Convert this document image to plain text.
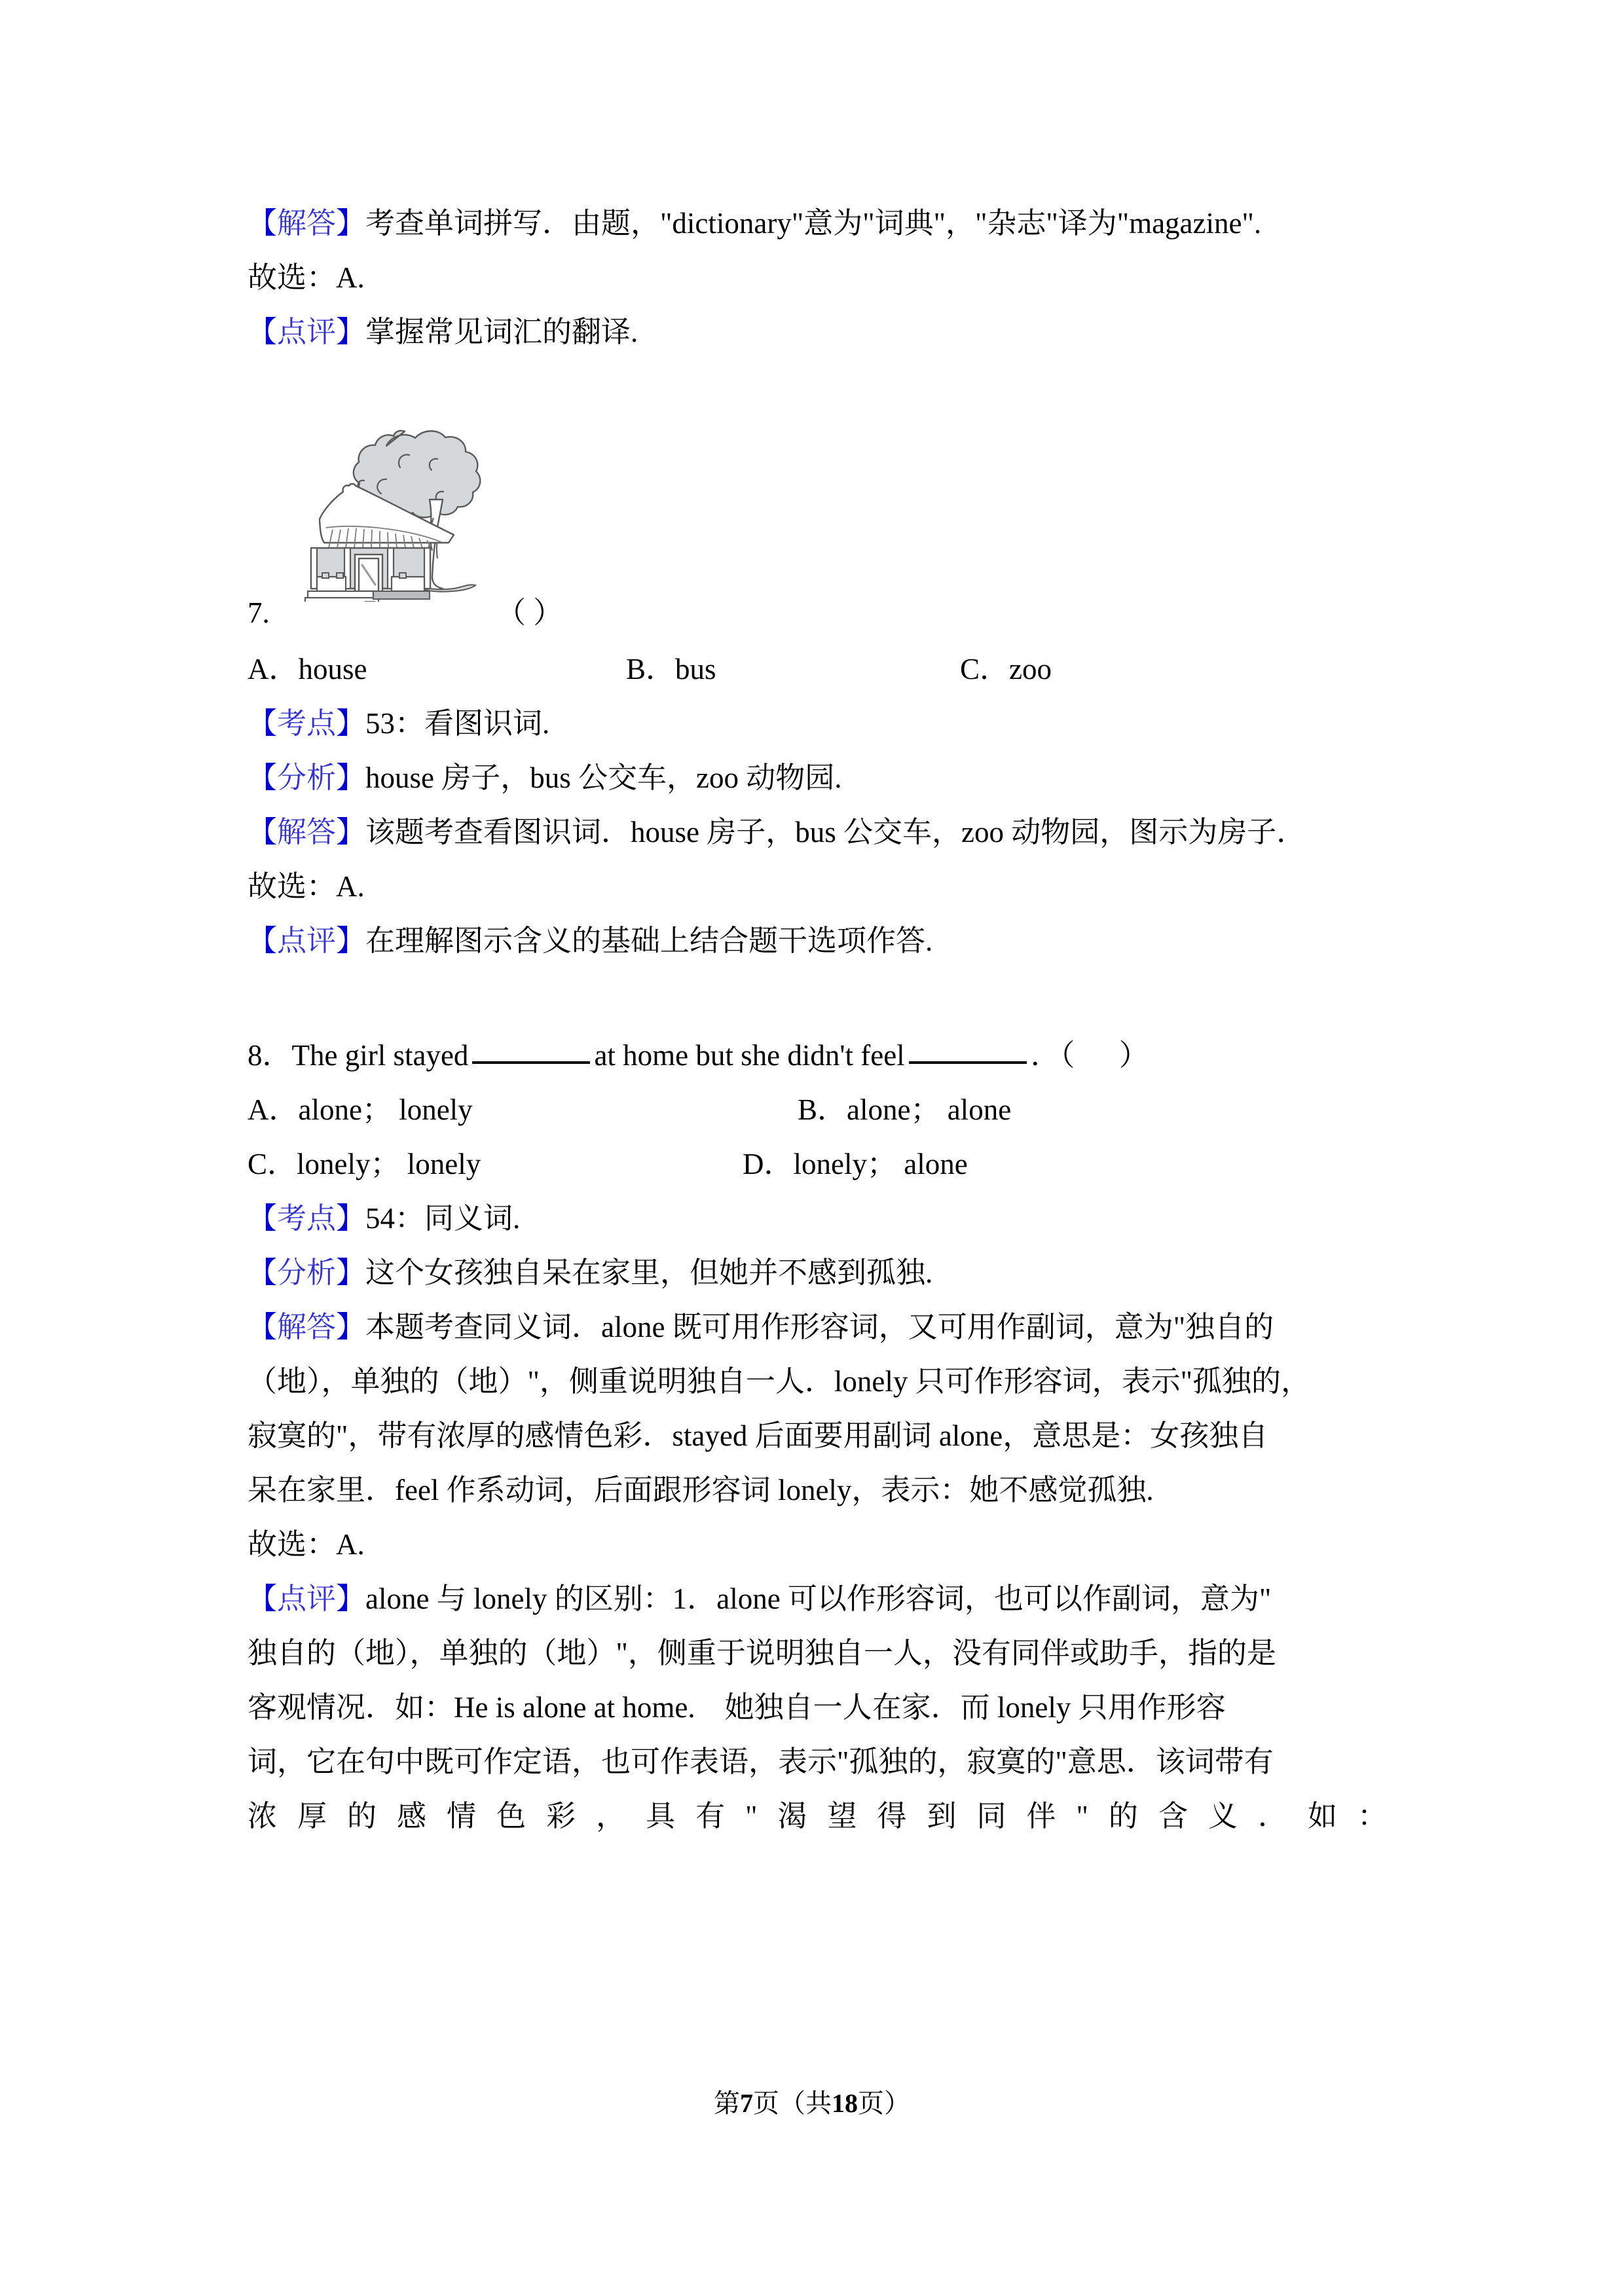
【解答】考查单词拼写．由题，"dictionary"意为"词典"，"杂志"译为"magazine".
故选：A.
【点评】掌握常见词汇的翻译.
7.	（ ）
A．house	B．bus	C．zoo
【考点】53：看图识词.
【分析】house 房子，bus 公交车，zoo 动物园.
【解答】该题考查看图识词．house 房子，bus 公交车，zoo 动物园，图示为房子．
故选：A.
【点评】在理解图示含义的基础上结合题干选项作答.
8．The girl stayed	at home but she didn't feel	．（      ）
A．alone； lonely	B．alone； alone
C．lonely； lonely	D．lonely； alone
【考点】54：同义词.
【分析】这个女孩独自呆在家里，但她并不感到孤独.
【解答】本题考查同义词．alone 既可用作形容词，又可用作副词，意为"独自的
（地），单独的（地）"，侧重说明独自一人．lonely 只可作形容词，表示"孤独的，
寂寞的"，带有浓厚的感情色彩．stayed 后面要用副词 alone，意思是：女孩独自
呆在家里．feel 作系动词，后面跟形容词 lonely，表示：她不感觉孤独.
故选：A.
【点评】alone 与 lonely 的区别：1．alone 可以作形容词，也可以作副词，意为"
独自的（地），单独的（地）"，侧重于说明独自一人，没有同伴或助手，指的是
客观情况．如：He is alone at home.　她独自一人在家．而 lonely 只用作形容
词，它在句中既可作定语，也可作表语，表示"孤独的，寂寞的"意思．该词带有
浓厚的感情色彩，具有"渴望得到同伴"的含义．如：
第7页（共18页）
